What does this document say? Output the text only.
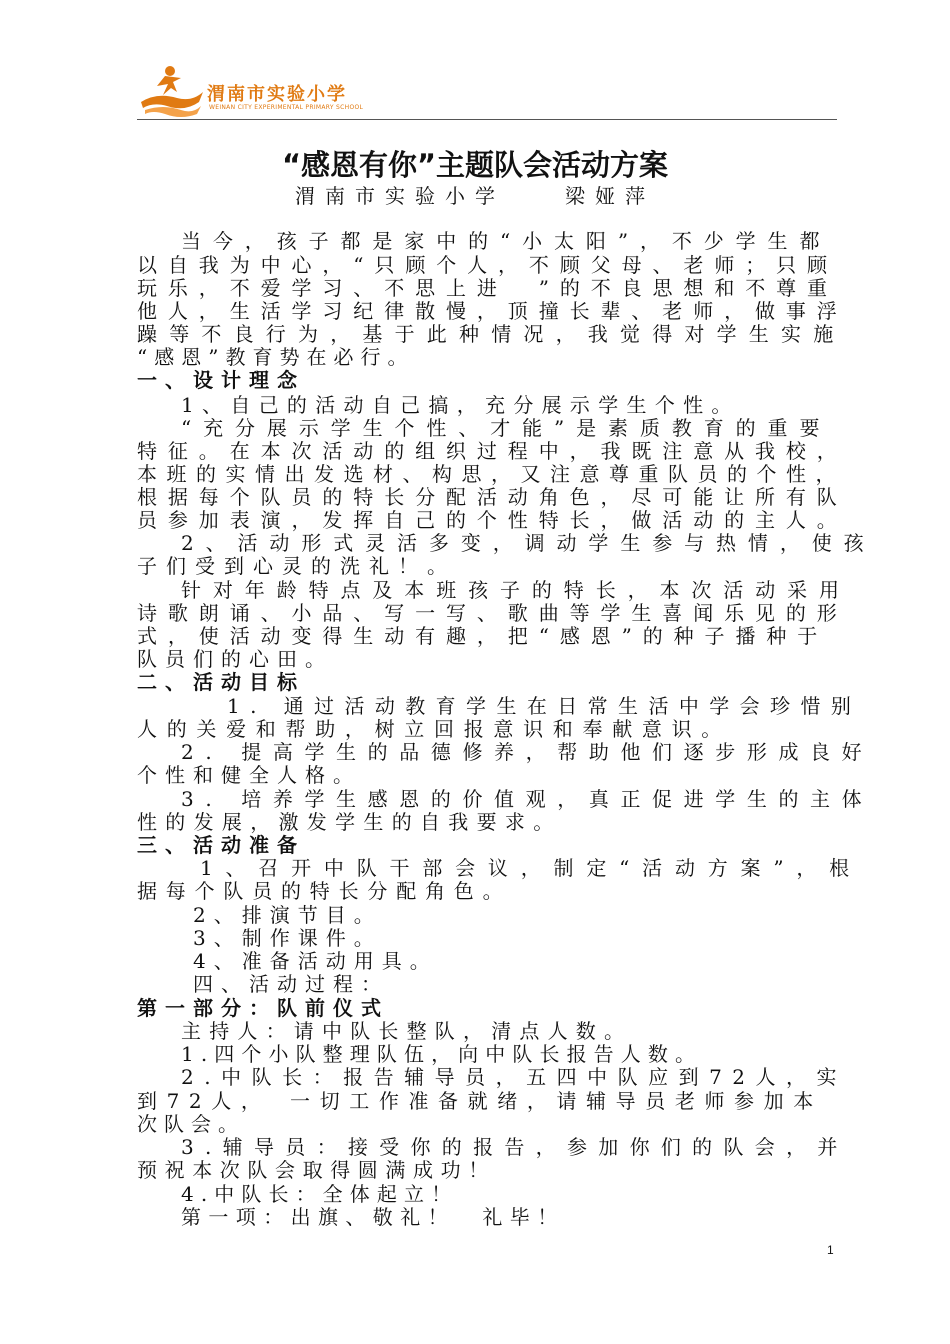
渭南市实验小学
WEINAN CITY EXPERIMENTAL PRIMARY SCHOOL
“感恩有你”主题队会活动方案
渭南市实验小学　　梁娅萍
当今，孩子都是家中的“小太阳”，不少学生都
以自我为中心，“只顾个人，不顾父母、老师；只顾
玩乐，不爱学习、不思上进　”的不良思想和不尊重
他人，生活学习纪律散慢，顶撞长辈、老师，做事浮
躁等不良行为，基于此种情况，我觉得对学生实施
“感恩”教育势在必行。
一、设计理念
1、自己的活动自己搞，充分展示学生个性。
“充分展示学生个性、才能”是素质教育的重要
特征。在本次活动的组织过程中，我既注意从我校，
本班的实情出发选材、构思，又注意尊重队员的个性，
根据每个队员的特长分配活动角色，尽可能让所有队
员参加表演，发挥自己的个性特长，做活动的主人。
2、活动形式灵活多变，调动学生参与热情，使孩
子们受到心灵的洗礼！。
针对年龄特点及本班孩子的特长，本次活动采用
诗歌朗诵、小品、写一写、歌曲等学生喜闻乐见的形
式，使活动变得生动有趣，把“感恩”的种子播种于
队员们的心田。
二、活动目标
1. 通过活动教育学生在日常生活中学会珍惜别
人的关爱和帮助，树立回报意识和奉献意识。
2. 提高学生的品德修养，帮助他们逐步形成良好
个性和健全人格。
3. 培养学生感恩的价值观，真正促进学生的主体
性的发展，激发学生的自我要求。
三、活动准备
1、召开中队干部会议，制定“活动方案”，根
据每个队员的特长分配角色。
2、排演节目。
3、制作课件。
4、准备活动用具。
四、活动过程：
第一部分：队前仪式
主持人：请中队长整队，清点人数。
1.四个小队整理队伍，向中队长报告人数。
2.中队长：报告辅导员，五四中队应到72人，实
到72人，　一切工作准备就绪，请辅导员老师参加本
次队会。
3.辅导员：接受你的报告，参加你们的队会，并
预祝本次队会取得圆满成功！
4.中队长：全体起立！
第一项：出旗、敬礼！　礼毕！
1
